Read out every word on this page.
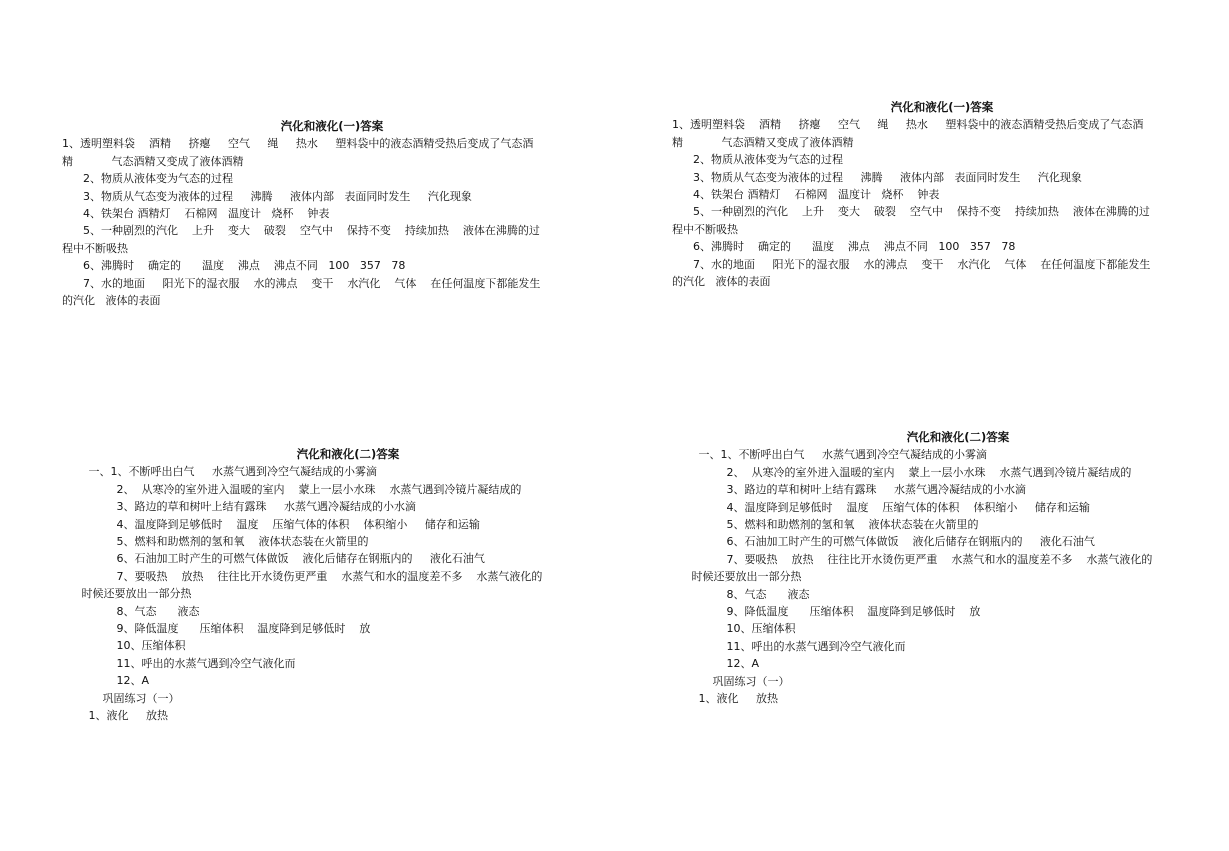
汽化和液化(一)答案
1、透明塑料袋    酒精     挤瘪     空气     绳     热水     塑料袋中的液态酒精受热后变成了气态酒
精           气态酒精又变成了液体酒精
2、物质从液体变为气态的过程
3、物质从气态变为液体的过程     沸腾     液体内部   表面同时发生     汽化现象
4、铁架台 酒精灯    石棉网   温度计   烧杯    钟表
5、一种剧烈的汽化    上升    变大    破裂    空气中    保持不变    持续加热    液体在沸腾的过
程中不断吸热
6、沸腾时    确定的      温度    沸点    沸点不同   100   357   78
7、水的地面     阳光下的湿衣服    水的沸点    变干    水汽化    气体    在任何温度下都能发生
的汽化   液体的表面
汽化和液化(一)答案
1、透明塑料袋    酒精     挤瘪     空气     绳     热水     塑料袋中的液态酒精受热后变成了气态酒
精           气态酒精又变成了液体酒精
2、物质从液体变为气态的过程
3、物质从气态变为液体的过程     沸腾     液体内部   表面同时发生     汽化现象
4、铁架台 酒精灯    石棉网   温度计   烧杯    钟表
5、一种剧烈的汽化    上升    变大    破裂    空气中    保持不变    持续加热    液体在沸腾的过
程中不断吸热
6、沸腾时    确定的      温度    沸点    沸点不同   100   357   78
7、水的地面     阳光下的湿衣服    水的沸点    变干    水汽化    气体    在任何温度下都能发生
的汽化   液体的表面
汽化和液化(二)答案
一、1、不断呼出白气     水蒸气遇到冷空气凝结成的小雾滴
2、  从寒冷的室外进入温暖的室内    蒙上一层小水珠    水蒸气遇到冷镜片凝结成的
3、路边的草和树叶上结有露珠     水蒸气遇冷凝结成的小水滴
4、温度降到足够低时    温度    压缩气体的体积    体积缩小     储存和运输
5、燃料和助燃剂的氢和氧    液体状态装在火箭里的
6、石油加工时产生的可燃气体做饭    液化后储存在钢瓶内的     液化石油气
7、要吸热    放热    往往比开水烫伤更严重    水蒸气和水的温度差不多    水蒸气液化的
时候还要放出一部分热
8、气态      液态
9、降低温度      压缩体积    温度降到足够低时    放
10、压缩体积
11、呼出的水蒸气遇到冷空气液化而
12、A
巩固练习（一）
1、液化     放热
汽化和液化(二)答案
一、1、不断呼出白气     水蒸气遇到冷空气凝结成的小雾滴
2、  从寒冷的室外进入温暖的室内    蒙上一层小水珠    水蒸气遇到冷镜片凝结成的
3、路边的草和树叶上结有露珠     水蒸气遇冷凝结成的小水滴
4、温度降到足够低时    温度    压缩气体的体积    体积缩小     储存和运输
5、燃料和助燃剂的氢和氧    液体状态装在火箭里的
6、石油加工时产生的可燃气体做饭    液化后储存在钢瓶内的     液化石油气
7、要吸热    放热    往往比开水烫伤更严重    水蒸气和水的温度差不多    水蒸气液化的
时候还要放出一部分热
8、气态      液态
9、降低温度      压缩体积    温度降到足够低时    放
10、压缩体积
11、呼出的水蒸气遇到冷空气液化而
12、A
巩固练习（一）
1、液化     放热
